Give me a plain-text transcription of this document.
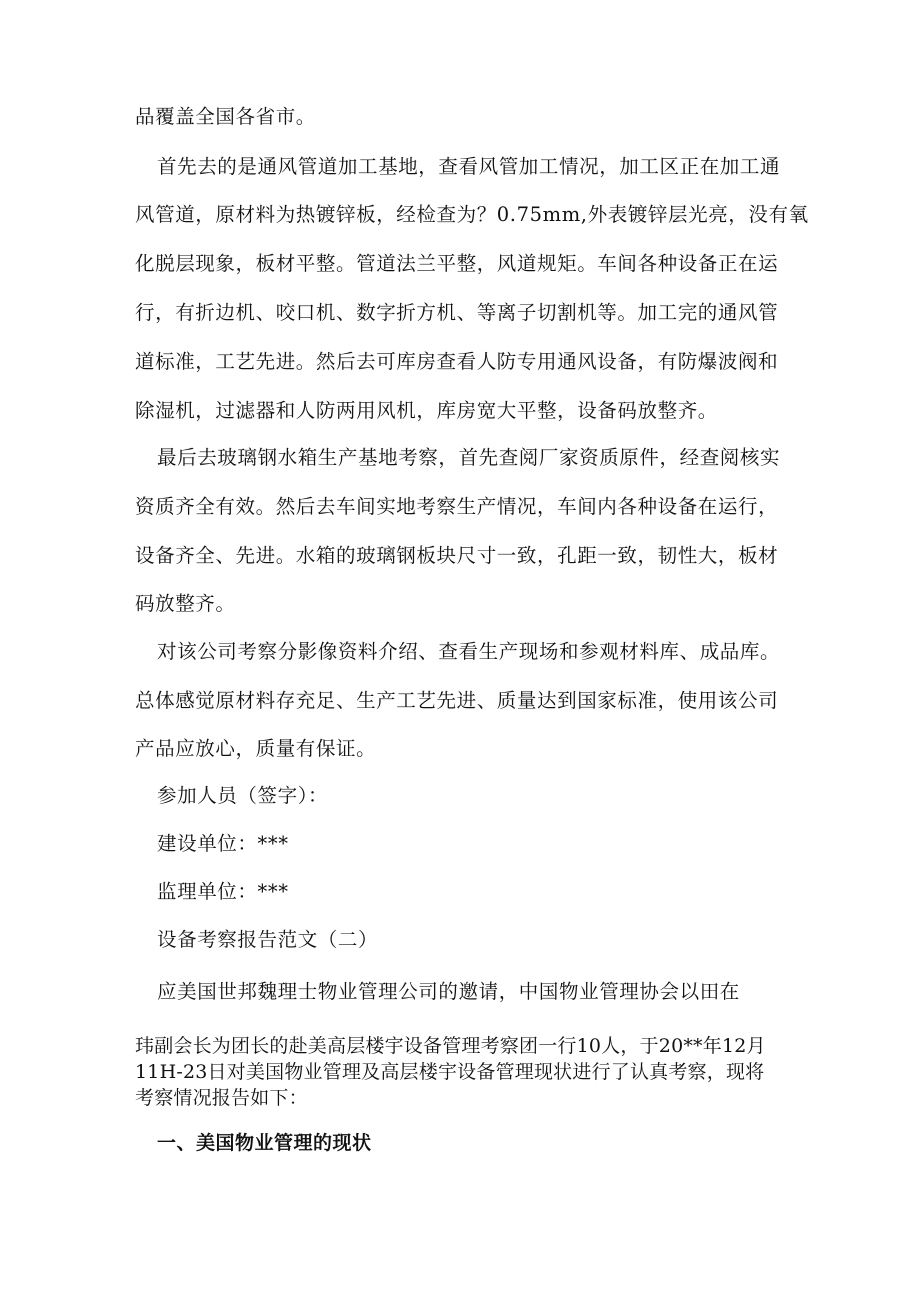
品覆盖全国各省市。
首先去的是通风管道加工基地，查看风管加工情况，加工区正在加工通
风管道，原材料为热镀锌板，经检查为？0.75mm,外表镀锌层光亮，没有氧
化脱层现象，板材平整。管道法兰平整，风道规矩。车间各种设备正在运
行，有折边机、咬口机、数字折方机、等离子切割机等。加工完的通风管
道标准，工艺先进。然后去可库房查看人防专用通风设备，有防爆波阀和
除湿机，过滤器和人防两用风机，库房宽大平整，设备码放整齐。
最后去玻璃钢水箱生产基地考察，首先查阅厂家资质原件，经查阅核实
资质齐全有效。然后去车间实地考察生产情况，车间内各种设备在运行，
设备齐全、先进。水箱的玻璃钢板块尺寸一致，孔距一致，韧性大，板材
码放整齐。
对该公司考察分影像资料介绍、查看生产现场和参观材料库、成品库。
总体感觉原材料存充足、生产工艺先进、质量达到国家标准，使用该公司
产品应放心，质量有保证。
参加人员（签字）：
建设单位：***
监理单位：***
设备考察报告范文（二）
应美国世邦魏理士物业管理公司的邀请，中国物业管理协会以田在
玮副会长为团长的赴美高层楼宇设备管理考察团一行10人，于20**年12月
11H-23日对美国物业管理及高层楼宇设备管理现状进行了认真考察，现将
考察情况报告如下：
一、美国物业管理的现状
